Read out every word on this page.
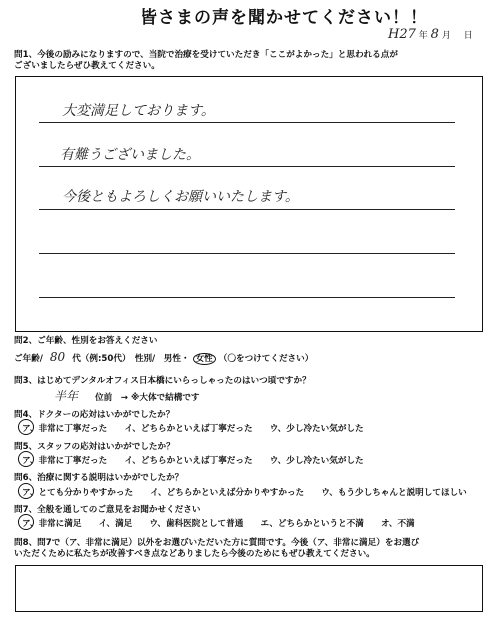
皆さまの声を聞かせてください！！
H27 年 8 月 日
問1、今後の励みになりますので、当院で治療を受けていただき「ここがよかった」と思われる点が
ございましたらぜひ教えてください。
大変満足しております。
有難うございました。
今後ともよろしくお願いいたします。
問2、ご年齢、性別をお答えください
ご年齢/ 80 代（例:50代）　性別/　男性・ 女性 （〇をつけてください）
問3、はじめてデンタルオフィス日本橋にいらっしゃったのはいつ頃ですか？
半年 位前　→ ※大体で結構です
問4、ドクターの応対はいかがでしたか？
ア、非常に丁寧だった　　イ、どちらかといえば丁寧だった　　ウ、少し冷たい気がした
問5、スタッフの応対はいかがでしたか？
ア、非常に丁寧だった　　イ、どちらかといえば丁寧だった　　ウ、少し冷たい気がした
問6、治療に関する説明はいかがでしたか？
ア、とても分かりやすかった　　イ、どちらかといえば分かりやすかった　　ウ、もう少しちゃんと説明してほしい
問7、全般を通してのご意見をお聞かせください
ア、非常に満足　　イ、満足　　ウ、歯科医院として普通　　エ、どちらかというと不満　　オ、不満
問8、問7で（ア、非常に満足）以外をお選びいただいた方に質問です。今後（ア、非常に満足）をお選び
いただくために私たちが改善すべき点などありましたら今後のためにもぜひ教えてください。
